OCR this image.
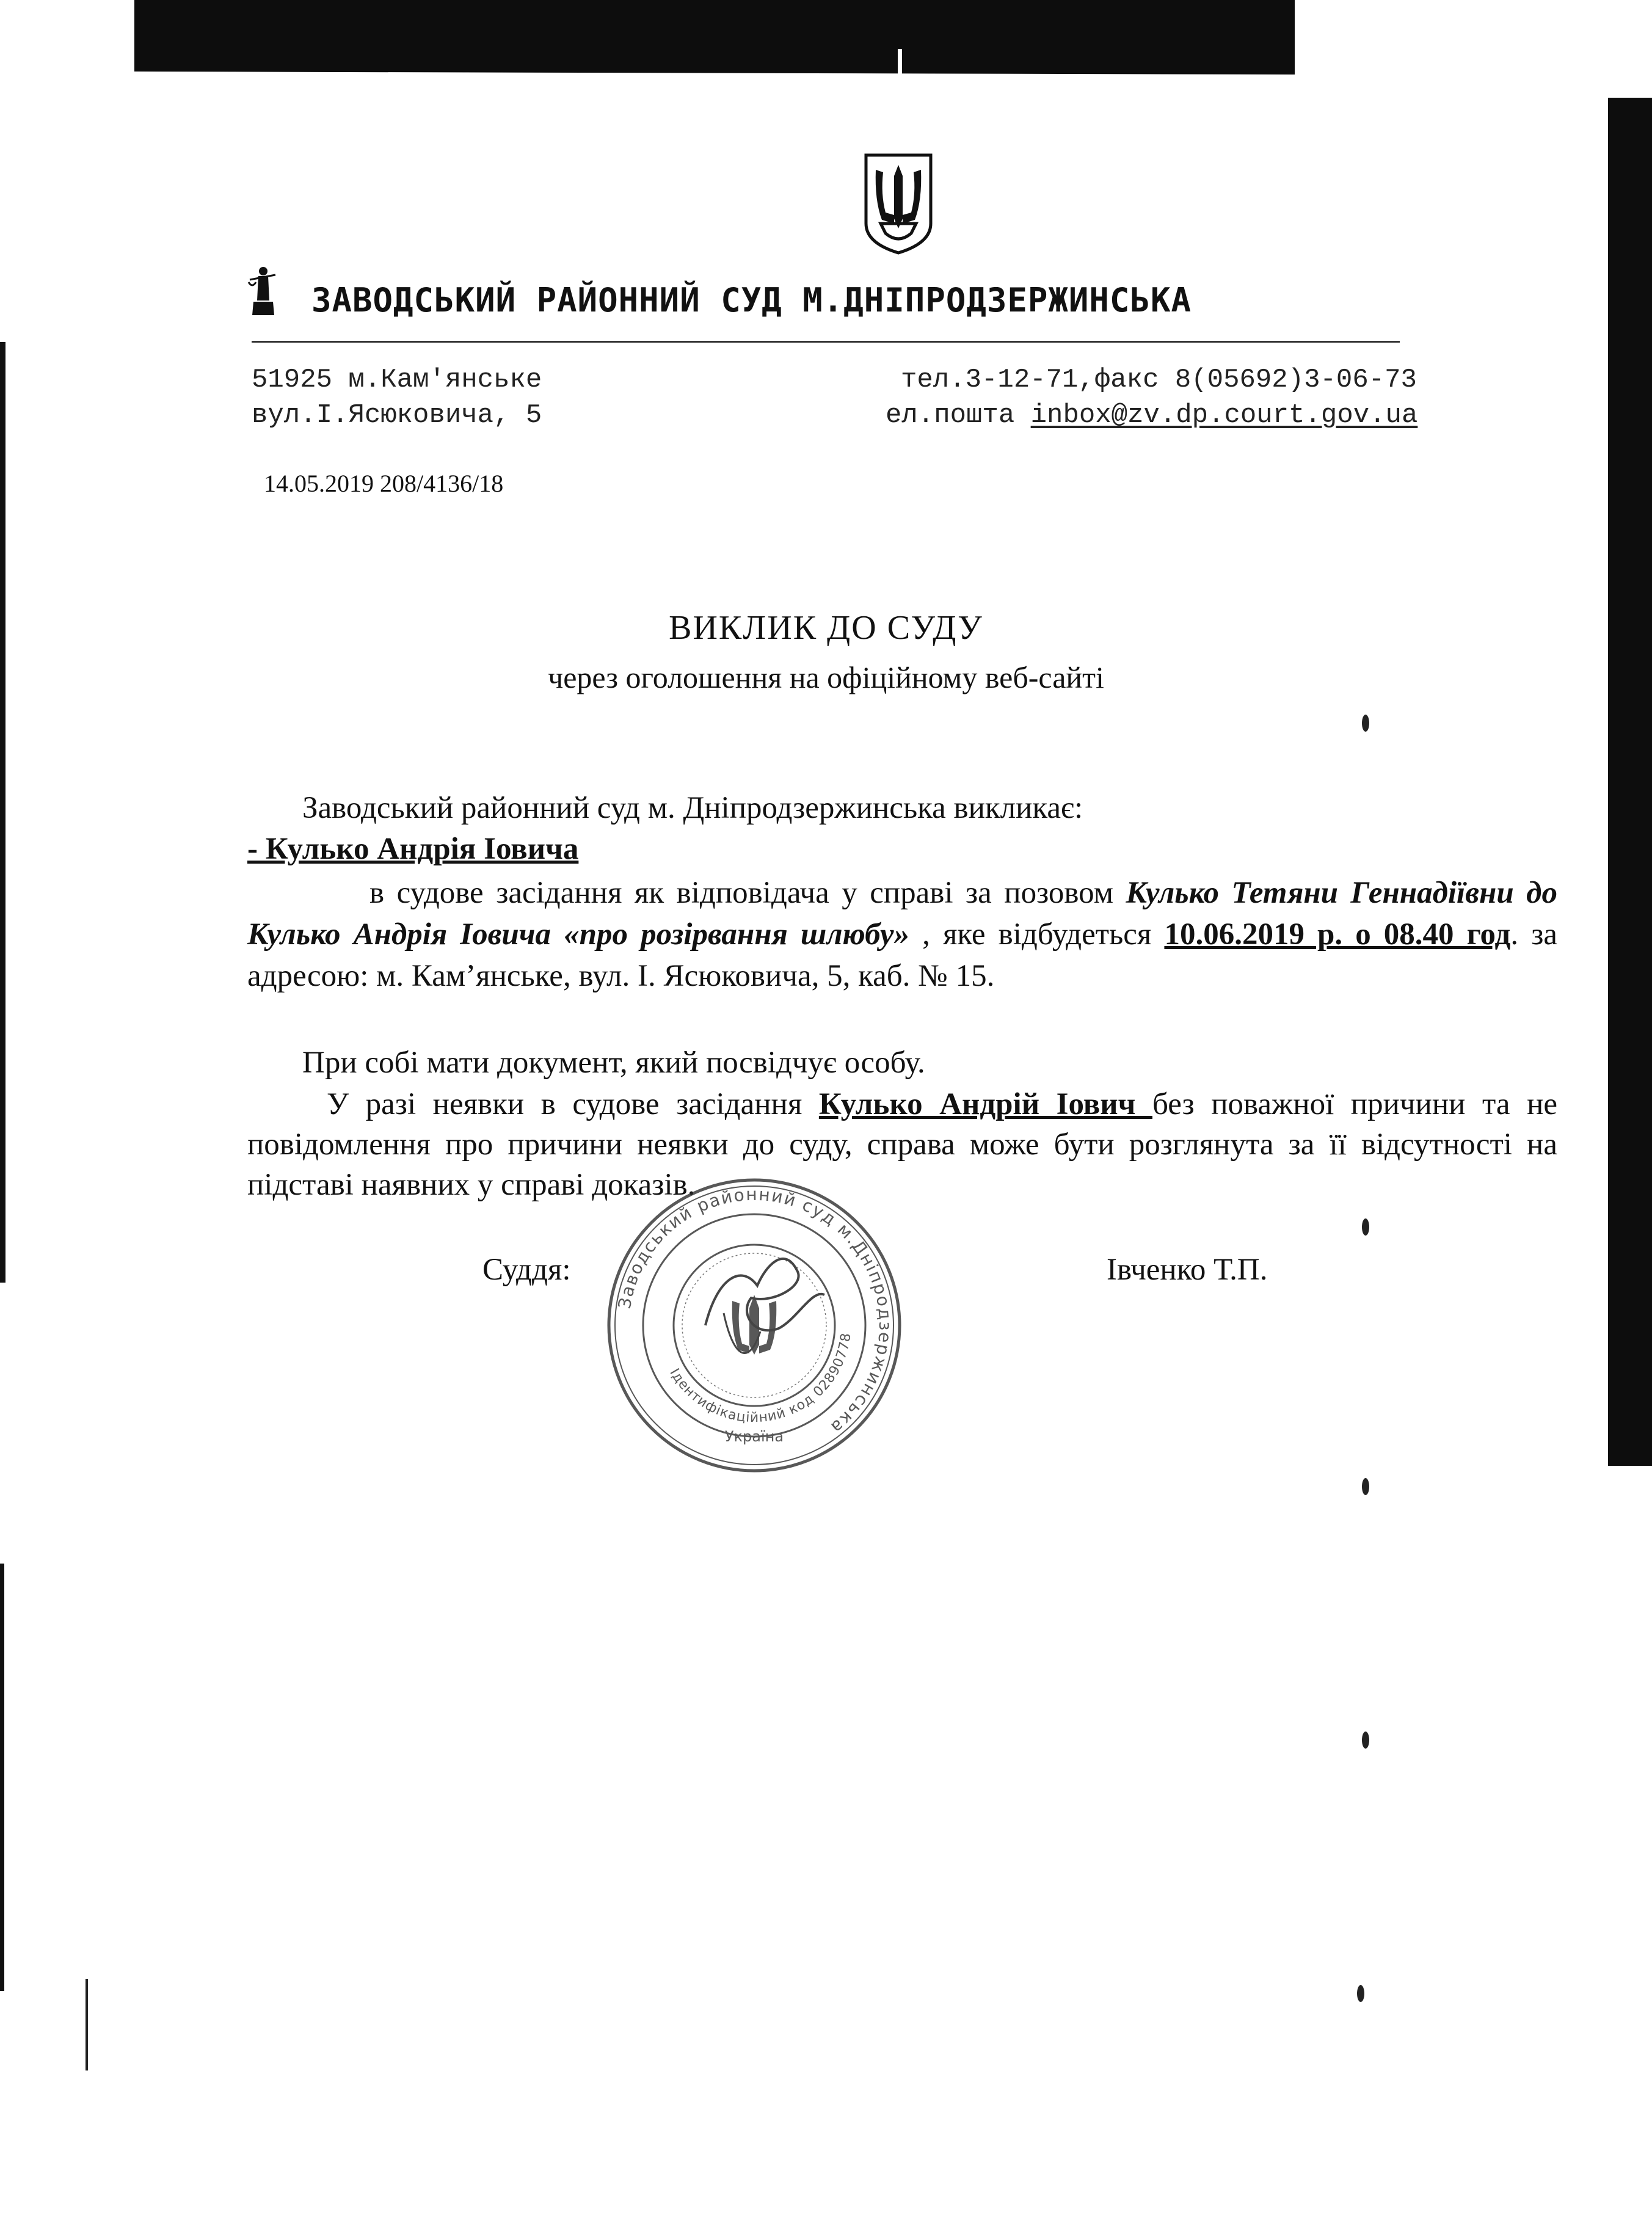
ЗАВОДСЬКИЙ РАЙОННИЙ СУД М.ДНІПРОДЗЕРЖИНСЬКА
51925 м.Кам'янське
вул.І.Ясюковича, 5
тел.3-12-71,факс 8(05692)3-06-73
ел.пошта inbox@zv.dp.court.gov.ua
14.05.2019 208/4136/18
ВИКЛИК ДО СУДУ
через оголошення на офіційному веб-сайті
Заводський районний суд м. Дніпродзержинська викликає:
- Кулько Андрія Іовича
в судове засідання як відповідача у справі за позовом Кулько Тетяни Геннадіївни до Кулько Андрія Іовича «про розірвання шлюбу» , яке відбудеться 10.06.2019 р. о 08.40 год. за адресою: м. Кам’янське, вул. І. Ясюковича, 5, каб. № 15.
При собі мати документ, який посвідчує особу.
У разі неявки в судове засідання Кулько Андрій Іович без поважної причини та не повідомлення про причини неявки до суду, справа може бути розглянута за її відсутності на підставі наявних у справі доказів.
Суддя:	Івченко Т.П.
Заводський районний суд м.Дніпродзержинська
Ідентифікаційний код 02890778
Україна
